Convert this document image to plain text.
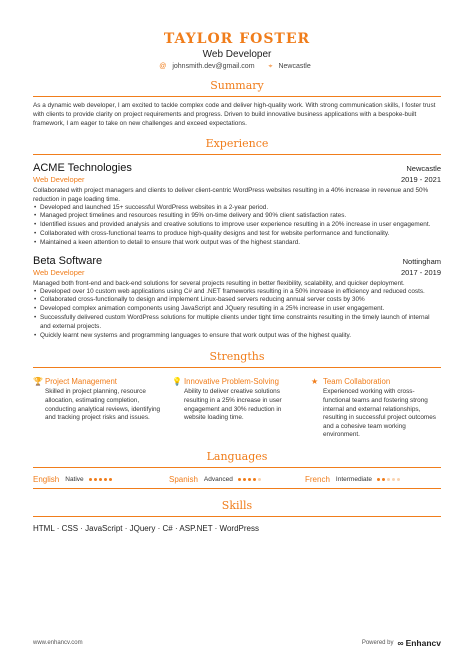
TAYLOR FOSTER
Web Developer
@ johnsmith.dev@gmail.com ⌖ Newcastle
Summary
As a dynamic web developer, I am excited to tackle complex code and deliver high-quality work. With strong communication skills, I foster trust with clients to provide clarity on project requirements and progress. Driven to build innovative business applications with a bespoke-built framework, I am eager to take on new challenges and exceed expectations.
Experience
ACME Technologies	Newcastle
Web Developer	2019 - 2021
Collaborated with project managers and clients to deliver client-centric WordPress websites resulting in a 40% increase in revenue and 50% reduction in page loading time.
• Developed and launched 15+ successful WordPress websites in a 2-year period.
• Managed project timelines and resources resulting in 95% on-time delivery and 90% client satisfaction rates.
• Identified issues and provided analysis and creative solutions to improve user experience resulting in a 20% increase in user engagement.
• Collaborated with cross-functional teams to produce high-quality designs and test for website performance and functionality.
• Maintained a keen attention to detail to ensure that work output was of the highest standard.
Beta Software	Nottingham
Web Developer	2017 - 2019
Managed both front-end and back-end solutions for several projects resulting in better flexibility, scalability, and quicker deployment.
• Developed over 10 custom web applications using C# and .NET frameworks resulting in a 50% increase in efficiency and reduced costs.
• Collaborated cross-functionally to design and implement Linux-based servers reducing annual server costs by 30%
• Developed complex animation components using JavaScript and JQuery resulting in a 25% increase in user engagement.
• Successfully delivered custom WordPress solutions for multiple clients under tight time constraints resulting in the timely launch of internal and external projects.
• Quickly learnt new systems and programming languages to ensure that work output was of the highest quality.
Strengths
🏆 Project Management
Skilled in project planning, resource allocation, estimating completion, conducting analytical reviews, identifying and tracking project risks and issues.
💡 Innovative Problem-Solving
Ability to deliver creative solutions resulting in a 25% increase in user engagement and 30% reduction in website loading time.
★ Team Collaboration
Experienced working with cross-functional teams and fostering strong internal and external relationships, resulting in successful project outcomes and a cohesive team working environment.
Languages
English Native	Spanish Advanced	French Intermediate
Skills
HTML · CSS · JavaScript · JQuery · C# · ASP.NET · WordPress
www.enhancv.com	Powered by ∞ Enhancv
